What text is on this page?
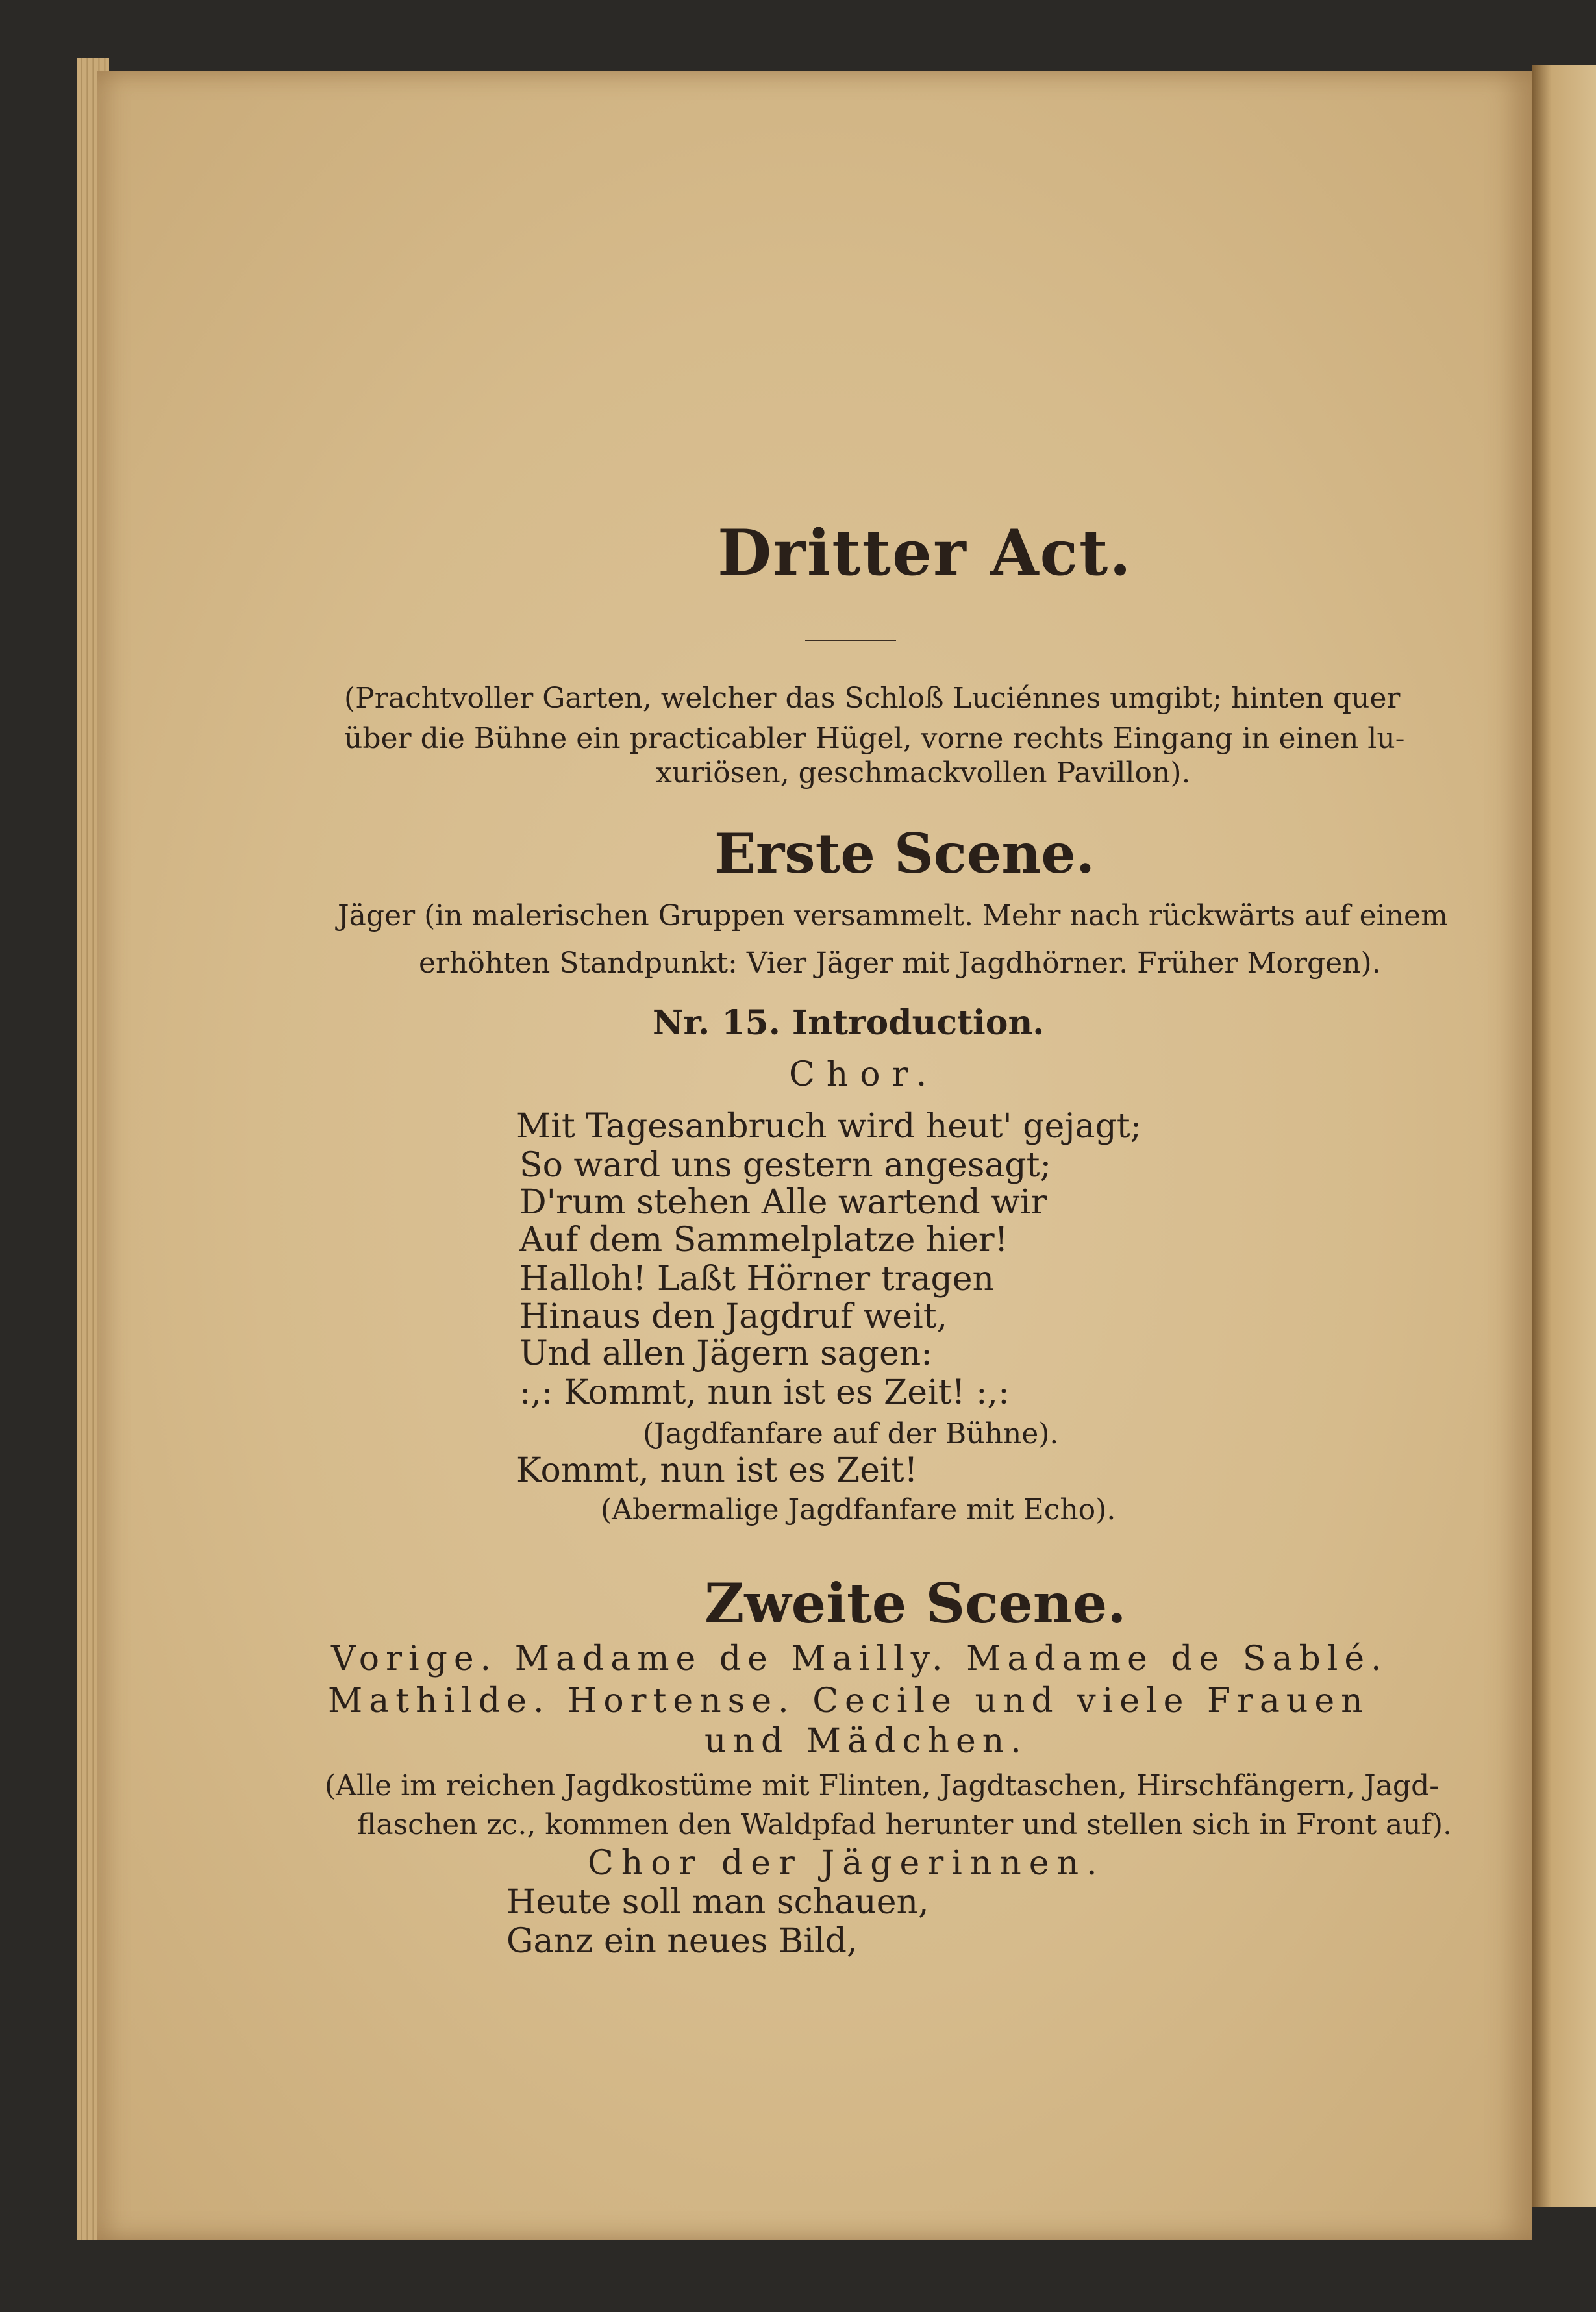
Dritter Act.
(Prachtvoller Garten, welcher das Schloß Luciénnes umgibt; hinten quer
über die Bühne ein practicabler Hügel, vorne rechts Eingang in einen lu-
xuriösen, geschmackvollen Pavillon).
Erste Scene.
Jäger (in malerischen Gruppen versammelt. Mehr nach rückwärts auf einem
erhöhten Standpunkt: Vier Jäger mit Jagdhörner. Früher Morgen).
Nr. 15. Introduction.
Chor.
Mit Tagesanbruch wird heut' gejagt;
So ward uns gestern angesagt;
D'rum stehen Alle wartend wir
Auf dem Sammelplatze hier!
Halloh! Laßt Hörner tragen
Hinaus den Jagdruf weit,
Und allen Jägern sagen:
:,: Kommt, nun ist es Zeit! :,:
(Jagdfanfare auf der Bühne).
Kommt, nun ist es Zeit!
(Abermalige Jagdfanfare mit Echo).
Zweite Scene.
Vorige. Madame de Mailly. Madame de Sablé.
Mathilde. Hortense. Cecile und viele Frauen
und Mädchen.
(Alle im reichen Jagdkostüme mit Flinten, Jagdtaschen, Hirschfängern, Jagd-
flaschen zc., kommen den Waldpfad herunter und stellen sich in Front auf).
Chor der Jägerinnen.
Heute soll man schauen,
Ganz ein neues Bild,
